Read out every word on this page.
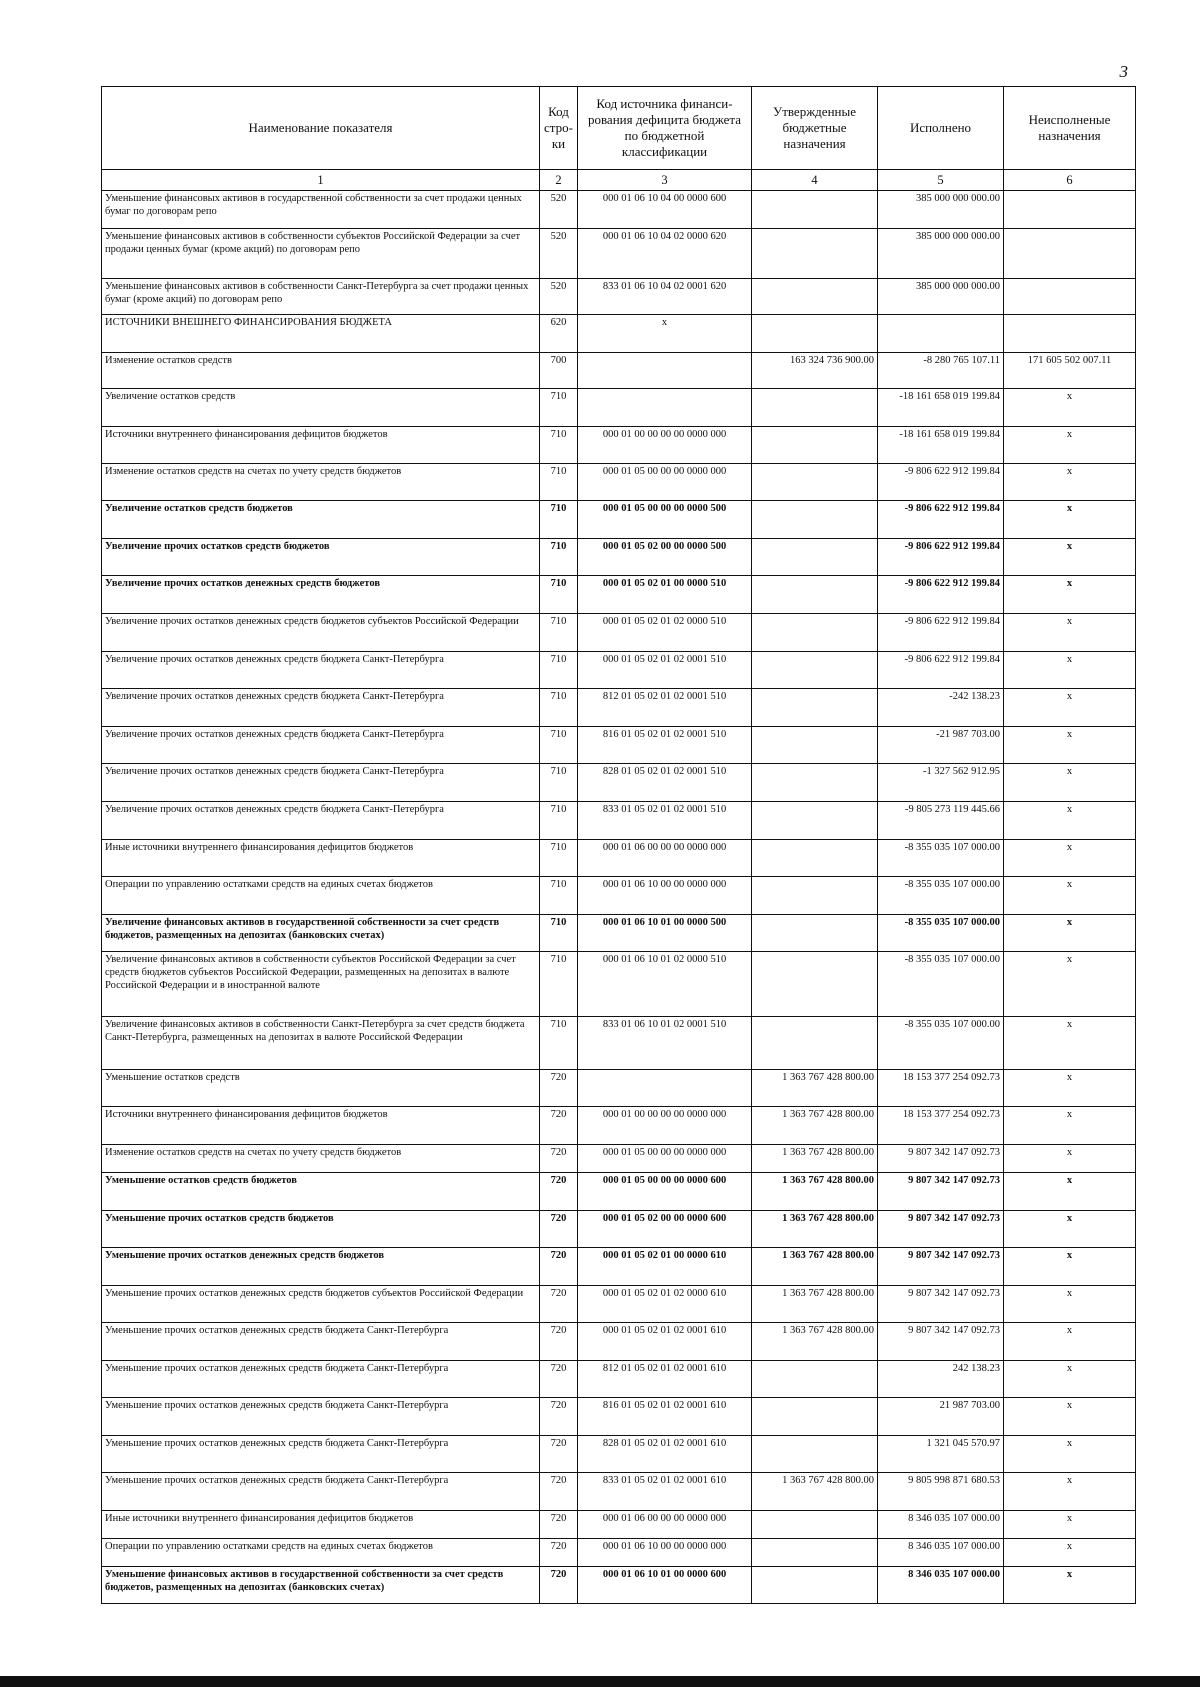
3
Наименование показателя	Код стро-ки	Код источника финанси-рования дефицита бюджета по бюджетной классификации	Утвержденные бюджетные назначения	Исполнено	Неисполненые назначения
1	2	3	4	5	6
Уменьшение финансовых активов в государственной собственности за счет продажи ценных бумаг по договорам репо	520	000 01 06 10 04 00 0000 600		385 000 000 000.00	
Уменьшение финансовых активов в собственности субъектов Российской Федерации за счет продажи ценных бумаг (кроме акций) по договорам репо	520	000 01 06 10 04 02 0000 620		385 000 000 000.00	
Уменьшение финансовых активов в собственности Санкт-Петербурга за счет продажи ценных бумаг (кроме акций) по договорам репо	520	833 01 06 10 04 02 0001 620		385 000 000 000.00	
ИСТОЧНИКИ ВНЕШНЕГО ФИНАНСИРОВАНИЯ БЮДЖЕТА	620	x			
Изменение остатков средств	700		163 324 736 900.00	-8 280 765 107.11	171 605 502 007.11
Увеличение остатков средств	710			-18 161 658 019 199.84	x
Источники внутреннего финансирования дефицитов бюджетов	710	000 01 00 00 00 00 0000 000		-18 161 658 019 199.84	x
Изменение остатков средств на счетах по учету средств бюджетов	710	000 01 05 00 00 00 0000 000		-9 806 622 912 199.84	x
Увеличение остатков средств бюджетов	710	000 01 05 00 00 00 0000 500		-9 806 622 912 199.84	x
Увеличение прочих остатков средств бюджетов	710	000 01 05 02 00 00 0000 500		-9 806 622 912 199.84	x
Увеличение прочих остатков денежных средств бюджетов	710	000 01 05 02 01 00 0000 510		-9 806 622 912 199.84	x
Увеличение прочих остатков денежных средств бюджетов субъектов Российской Федерации	710	000 01 05 02 01 02 0000 510		-9 806 622 912 199.84	x
Увеличение прочих остатков денежных средств бюджета Санкт-Петербурга	710	000 01 05 02 01 02 0001 510		-9 806 622 912 199.84	x
Увеличение прочих остатков денежных средств бюджета Санкт-Петербурга	710	812 01 05 02 01 02 0001 510		-242 138.23	x
Увеличение прочих остатков денежных средств бюджета Санкт-Петербурга	710	816 01 05 02 01 02 0001 510		-21 987 703.00	x
Увеличение прочих остатков денежных средств бюджета Санкт-Петербурга	710	828 01 05 02 01 02 0001 510		-1 327 562 912.95	x
Увеличение прочих остатков денежных средств бюджета Санкт-Петербурга	710	833 01 05 02 01 02 0001 510		-9 805 273 119 445.66	x
Иные источники внутреннего финансирования дефицитов бюджетов	710	000 01 06 00 00 00 0000 000		-8 355 035 107 000.00	x
Операции по управлению остатками средств на единых счетах бюджетов	710	000 01 06 10 00 00 0000 000		-8 355 035 107 000.00	x
Увеличение финансовых активов в государственной собственности за счет средств бюджетов, размещенных на депозитах (банковских счетах)	710	000 01 06 10 01 00 0000 500		-8 355 035 107 000.00	x
Увеличение финансовых активов в собственности субъектов Российской Федерации за счет средств бюджетов субъектов Российской Федерации, размещенных на депозитах в валюте Российской Федерации и в иностранной валюте	710	000 01 06 10 01 02 0000 510		-8 355 035 107 000.00	x
Увеличение финансовых активов в собственности Санкт-Петербурга за счет средств бюджета Санкт-Петербурга, размещенных на депозитах в валюте Российской Федерации	710	833 01 06 10 01 02 0001 510		-8 355 035 107 000.00	x
Уменьшение остатков средств	720		1 363 767 428 800.00	18 153 377 254 092.73	x
Источники внутреннего финансирования дефицитов бюджетов	720	000 01 00 00 00 00 0000 000	1 363 767 428 800.00	18 153 377 254 092.73	x
Изменение остатков средств на счетах по учету средств бюджетов	720	000 01 05 00 00 00 0000 000	1 363 767 428 800.00	9 807 342 147 092.73	x
Уменьшение остатков средств бюджетов	720	000 01 05 00 00 00 0000 600	1 363 767 428 800.00	9 807 342 147 092.73	x
Уменьшение прочих остатков средств бюджетов	720	000 01 05 02 00 00 0000 600	1 363 767 428 800.00	9 807 342 147 092.73	x
Уменьшение прочих остатков денежных средств бюджетов	720	000 01 05 02 01 00 0000 610	1 363 767 428 800.00	9 807 342 147 092.73	x
Уменьшение прочих остатков денежных средств бюджетов субъектов Российской Федерации	720	000 01 05 02 01 02 0000 610	1 363 767 428 800.00	9 807 342 147 092.73	x
Уменьшение прочих остатков денежных средств бюджета Санкт-Петербурга	720	000 01 05 02 01 02 0001 610	1 363 767 428 800.00	9 807 342 147 092.73	x
Уменьшение прочих остатков денежных средств бюджета Санкт-Петербурга	720	812 01 05 02 01 02 0001 610		242 138.23	x
Уменьшение прочих остатков денежных средств бюджета Санкт-Петербурга	720	816 01 05 02 01 02 0001 610		21 987 703.00	x
Уменьшение прочих остатков денежных средств бюджета Санкт-Петербурга	720	828 01 05 02 01 02 0001 610		1 321 045 570.97	x
Уменьшение прочих остатков денежных средств бюджета Санкт-Петербурга	720	833 01 05 02 01 02 0001 610	1 363 767 428 800.00	9 805 998 871 680.53	x
Иные источники внутреннего финансирования дефицитов бюджетов	720	000 01 06 00 00 00 0000 000		8 346 035 107 000.00	x
Операции по управлению остатками средств на единых счетах бюджетов	720	000 01 06 10 00 00 0000 000		8 346 035 107 000.00	x
Уменьшение финансовых активов в государственной собственности за счет средств бюджетов, размещенных на депозитах (банковских счетах)	720	000 01 06 10 01 00 0000 600		8 346 035 107 000.00	x
